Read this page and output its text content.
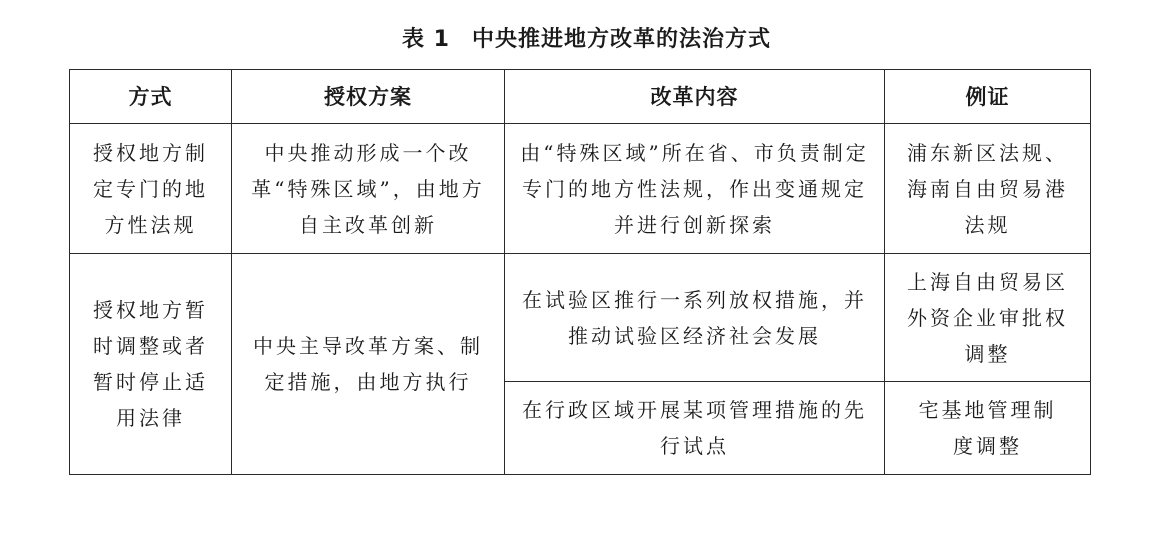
表 1 中央推进地方改革的法治方式
方式	授权方案	改革内容	例证
授权地方制定专门的地方性法规	中央推动形成一个改革“特殊区域”，由地方自主改革创新	由“特殊区域”所在省、市负责制定专门的地方性法规，作出变通规定并进行创新探索	浦东新区法规、海南自由贸易港法规
授权地方暂时调整或者暂时停止适用法律	中央主导改革方案、制定措施，由地方执行	在试验区推行一系列放权措施，并推动试验区经济社会发展	上海自由贸易区外资企业审批权调整
		在行政区域开展某项管理措施的先行试点	宅基地管理制度调整
